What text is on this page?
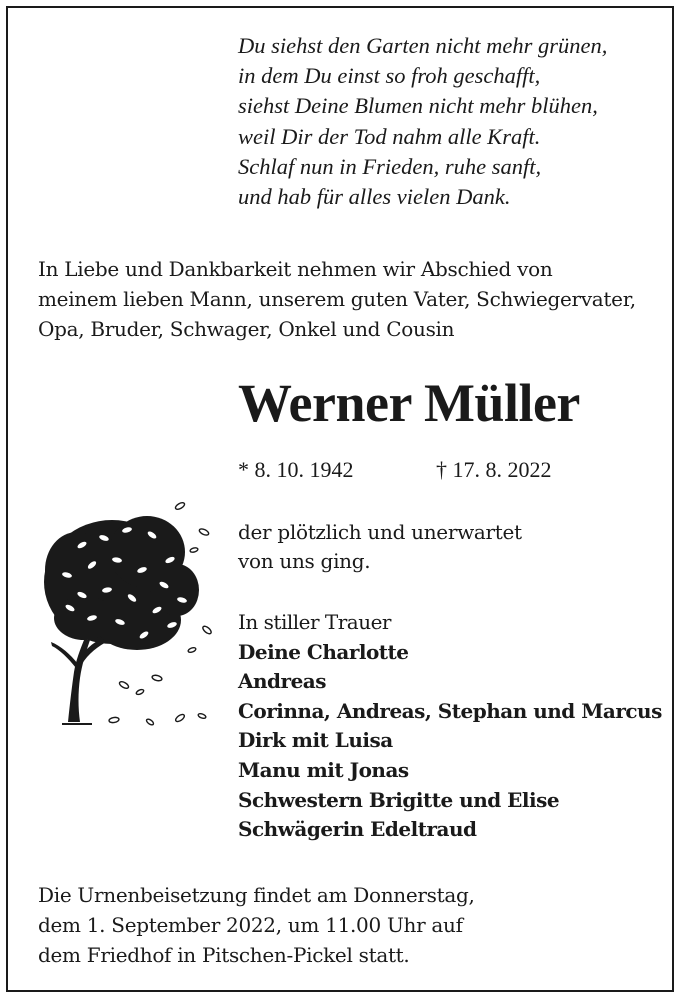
Du siehst den Garten nicht mehr grünen,
in dem Du einst so froh geschafft,
siehst Deine Blumen nicht mehr blühen,
weil Dir der Tod nahm alle Kraft.
Schlaf nun in Frieden, ruhe sanft,
und hab für alles vielen Dank.
In Liebe und Dankbarkeit nehmen wir Abschied von
meinem lieben Mann, unserem guten Vater, Schwiegervater,
Opa, Bruder, Schwager, Onkel und Cousin
Werner Müller
* 8. 10. 1942	† 17. 8. 2022
der plötzlich und unerwartet
von uns ging.
In stiller Trauer
Deine Charlotte
Andreas
Corinna, Andreas, Stephan und Marcus
Dirk mit Luisa
Manu mit Jonas
Schwestern Brigitte und Elise
Schwägerin Edeltraud
Die Urnenbeisetzung findet am Donnerstag,
dem 1. September 2022, um 11.00 Uhr auf
dem Friedhof in Pitschen-Pickel statt.
